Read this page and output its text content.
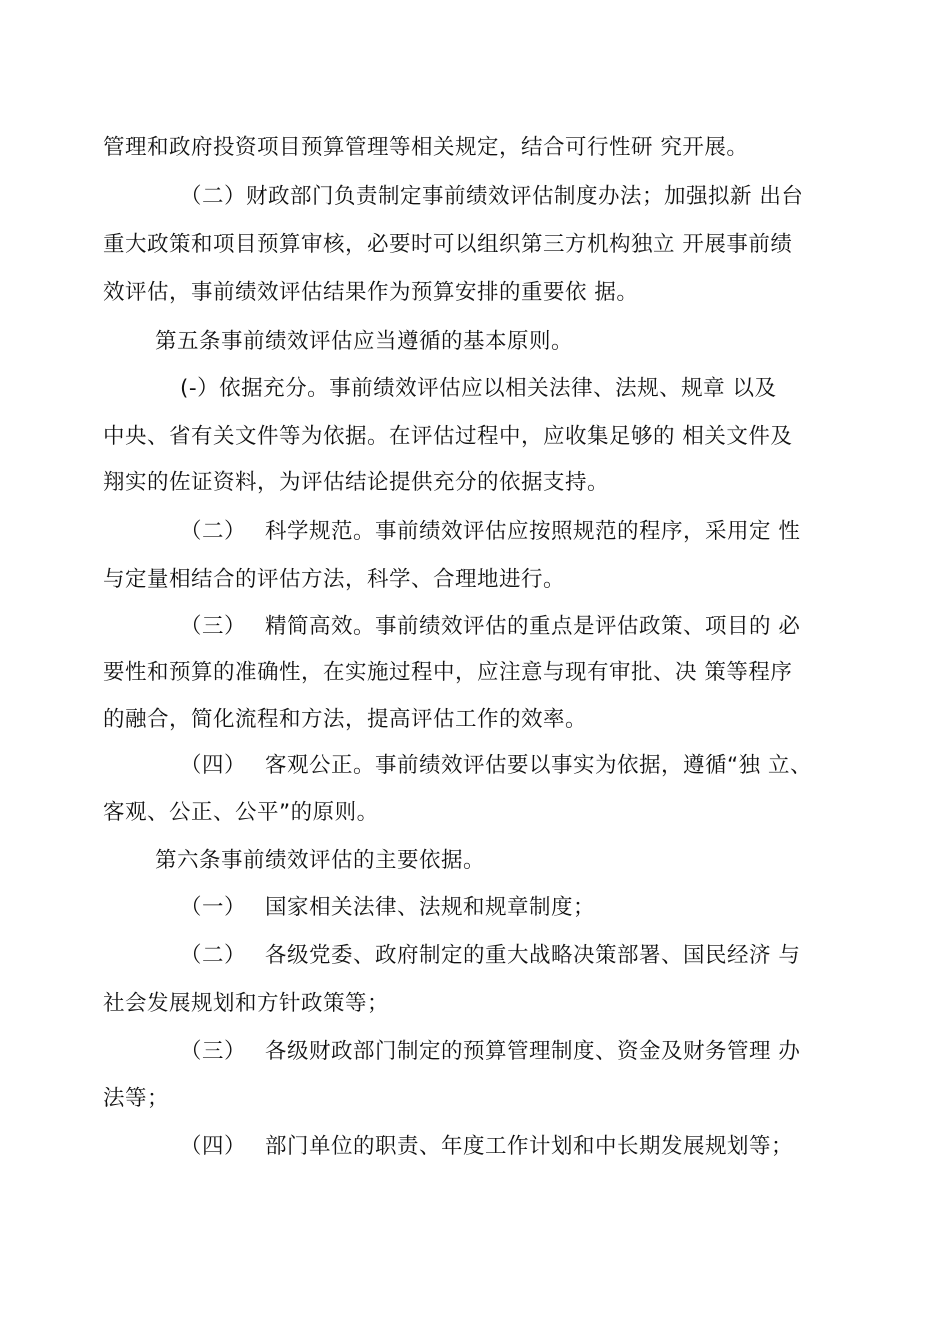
管理和政府投资项目预算管理等相关规定，结合可行性研 究开展。
（二）财政部门负责制定事前绩效评估制度办法；加强拟新 出台
重大政策和项目预算审核，必要时可以组织第三方机构独立 开展事前绩
效评估，事前绩效评估结果作为预算安排的重要依 据。
第五条事前绩效评估应当遵循的基本原则。
(-）依据充分。事前绩效评估应以相关法律、法规、规章 以及
中央、省有关文件等为依据。在评估过程中，应收集足够的 相关文件及
翔实的佐证资料，为评估结论提供充分的依据支持。
（二） 科学规范。事前绩效评估应按照规范的程序，采用定 性
与定量相结合的评估方法，科学、合理地进行。
（三） 精简高效。事前绩效评估的重点是评估政策、项目的 必
要性和预算的准确性，在实施过程中，应注意与现有审批、决 策等程序
的融合，简化流程和方法，提高评估工作的效率。
（四） 客观公正。事前绩效评估要以事实为依据，遵循“独 立、
客观、公正、公平”的原则。
第六条事前绩效评估的主要依据。
（一） 国家相关法律、法规和规章制度；
（二） 各级党委、政府制定的重大战略决策部署、国民经济 与
社会发展规划和方针政策等；
（三） 各级财政部门制定的预算管理制度、资金及财务管理 办
法等；
（四） 部门单位的职责、年度工作计划和中长期发展规划等；
